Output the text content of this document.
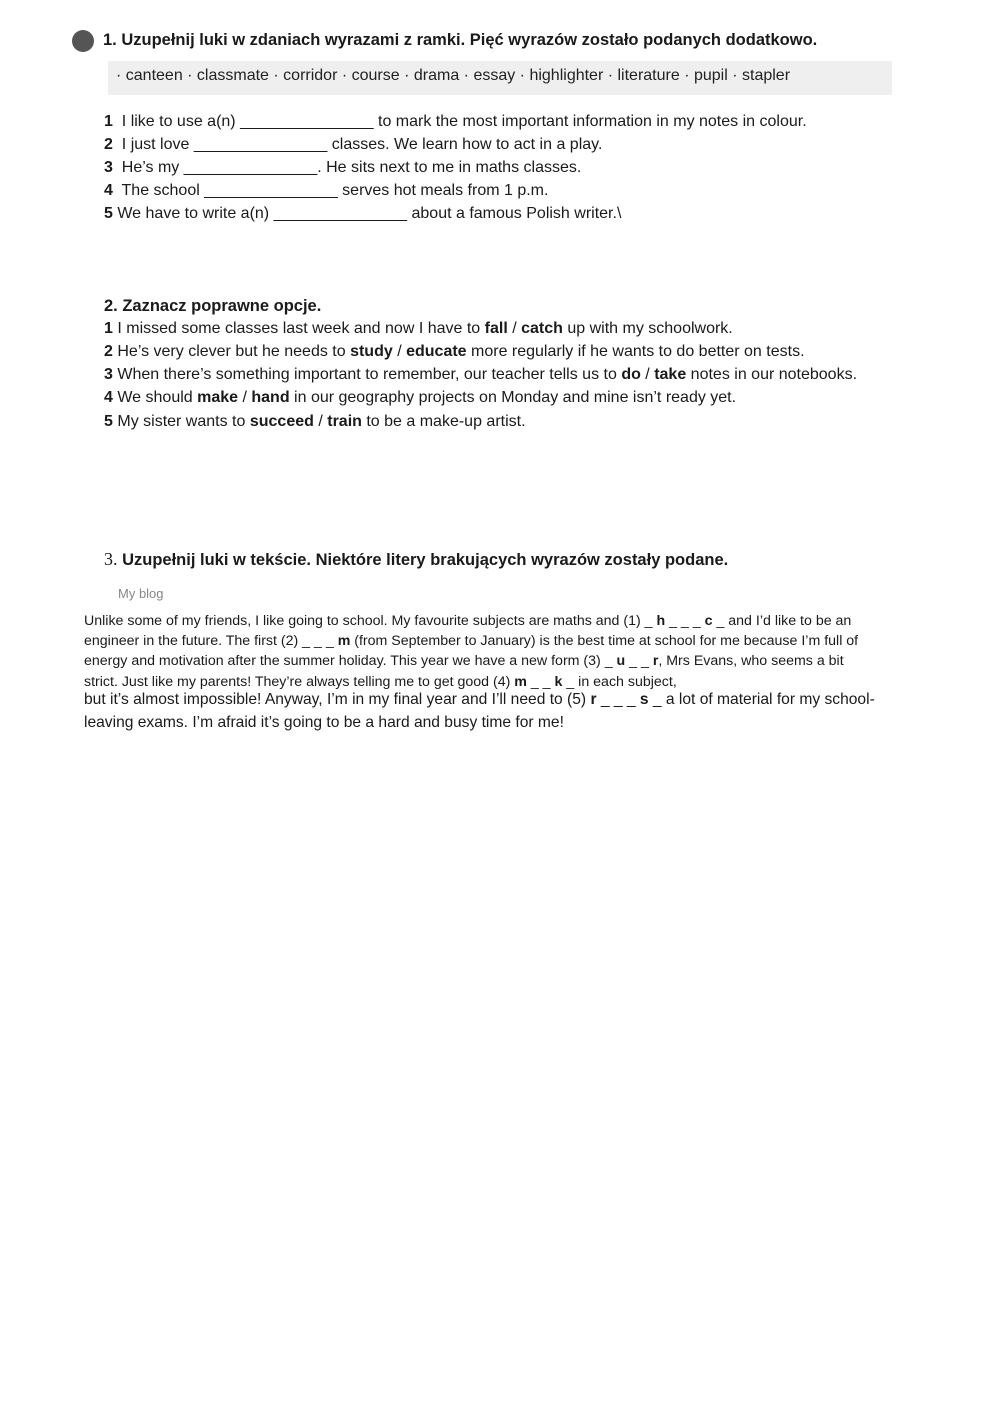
1. Uzupełnij luki w zdaniach wyrazami z ramki. Pięć wyrazów zostało podanych dodatkowo.
· canteen · classmate · corridor · course · drama · essay · highlighter · literature · pupil · stapler
1 I like to use a(n) _______________ to mark the most important information in my notes in colour.
2 I just love _______________ classes. We learn how to act in a play.
3 He’s my _______________. He sits next to me in maths classes.
4 The school _______________ serves hot meals from 1 p.m.
5 We have to write a(n) _______________ about a famous Polish writer.\
2. Zaznacz poprawne opcje.
1 I missed some classes last week and now I have to fall / catch up with my schoolwork.
2 He’s very clever but he needs to study / educate more regularly if he wants to do better on tests.
3 When there’s something important to remember, our teacher tells us to do / take notes in our notebooks.
4 We should make / hand in our geography projects on Monday and mine isn’t ready yet.
5 My sister wants to succeed / train to be a make-up artist.
3. Uzupełnij luki w tekście. Niektóre litery brakujących wyrazów zostały podane.
My blog
Unlike some of my friends, I like going to school. My favourite subjects are maths and (1) _ h _ _ _ c _ and I’d like to be an
engineer in the future. The first (2) _ _ _ m (from September to January) is the best time at school for me because I’m full of
energy and motivation after the summer holiday. This year we have a new form (3) _ u _ _ r, Mrs Evans, who seems a bit
strict. Just like my parents! They’re always telling me to get good (4) m _ _ k _ in each subject,
but it’s almost impossible! Anyway, I’m in my final year and I’ll need to (5) r _ _ _ s _ a lot of material for my school-
leaving exams. I’m afraid it’s going to be a hard and busy time for me!
